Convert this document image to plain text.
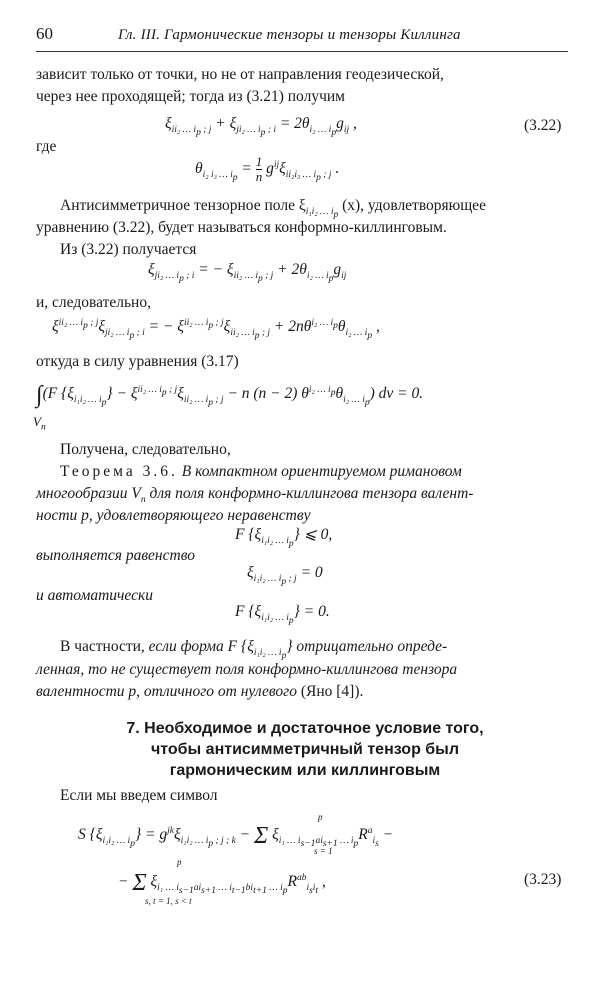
60	Гл. III. Гармонические тензоры и тензоры Киллинга
зависит только от точки, но не от направления геодезической,
через нее проходящей; тогда из (3.21) получим
$\xi_{ii_2 \dots i_p ; j} + \xi_{ji_2 \dots i_p ; i} = 2\theta_{i_2 \dots i_p}g_{ij}$ ,	(3.22)
где
$\theta_{i_2 i_3 \dots i_p} = \frac{1}{n} g^{ij}\xi_{ii_2i_3 \dots i_p ; j}$ .
Антисимметричное тензорное поле $\xi_{i_1i_2 \dots i_p}$ (x), удовлетворяющее
уравнению (3.22), будет называться конформно-киллинговым.
Из (3.22) получается
$\xi_{ji_2 \dots i_p ; i}$ = − $\xi_{ii_2 \dots i_p ; j} + 2\theta_{i_2 \dots i_p}g_{ij}$
и, следовательно,
$\xi^{ii_2 \dots i_p ; j}\xi_{ji_2 \dots i_p ; i}$ = − $\xi^{ii_2 \dots i_p ; j}\xi_{ii_2 \dots i_p ; j} + 2n\theta^{i_2 \dots i_p}\theta_{i_2 \dots i_p}$ ,
откуда в силу уравнения (3.17)
∫(F $\{\xi_{i_1i_2 \dots i_p}\} - \xi^{ii_2 \dots i_p ; j}\xi_{ii_2 \dots i_p ; j} - n$ (n − 2) $\theta^{i_2 \dots i_p}\theta_{i_2 \dots i_p}$) dv = 0.
$V_n$
Получена, следовательно,
Теорема 3.6. В компактном ориентируемом римановом
многообразии $V_n$ для поля конформно-киллингова тензора валент-
ности p, удовлетворяющего неравенству
F $\{\xi_{i_1i_2 \dots i_p}\}$ ⩽ 0,
выполняется равенство
$\xi_{i_1i_2 \dots i_p ; j} = 0$
и автоматически
F $\{\xi_{i_1i_2 \dots i_p}\} = 0$.
В частности, если форма F $\{\xi_{i_1i_2 \dots i_p}\}$ отрицательно опреде-
ленная, то не существует поля конформно-киллингова тензора
валентности p, отличного от нулевого (Яно [4]).
7. Необходимое и достаточное условие того,
чтобы антисимметричный тензор был
гармоническим или киллинговым
Если мы введем символ
S $\{\xi_{i_1i_2 \dots i_p}\} = g^{jk}\xi_{i_1i_2 \dots i_p ; j ; k} - \Sigma$ $\xi_{i_1 \dots i_{s-1}ai_{s+1} \dots i_p}R^a_{i_s}$ −
p
s = 1
− Σ $\xi_{i_1 \dots i_{s-1}ai_{s+1} \dots i_{t-1}bi_{t+1} \dots i_p}R^{ab}_{i_si_t}$ ,
p
s, t = 1, s < t
(3.23)
